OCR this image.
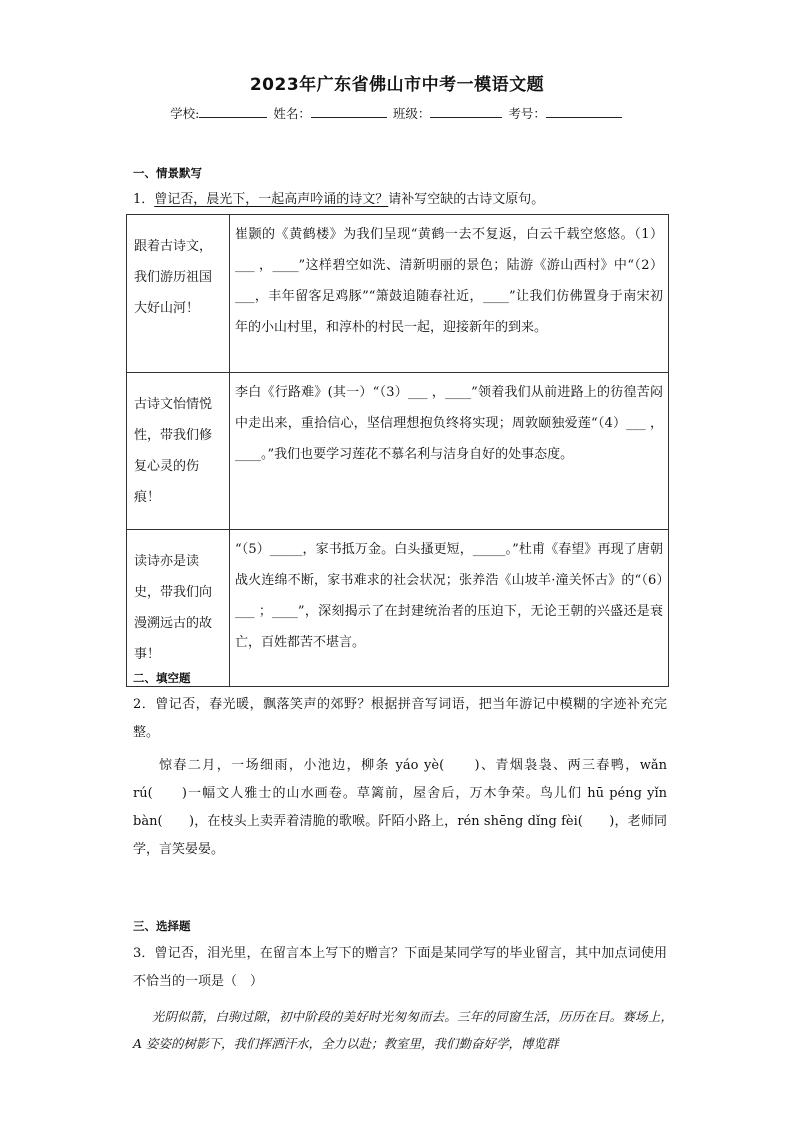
2023年广东省佛山市中考一模语文题
学校:	姓名：	班级：	考号：
一、情景默写
1．曾记否，晨光下，一起高声吟诵的诗文？请补写空缺的古诗文原句。
跟着古诗文，我们游历祖国大好山河！	崔颢的《黄鹤楼》为我们呈现“黄鹤一去不复返，白云千载空悠悠。（1）___ ，____”这样碧空如洗、清新明丽的景色；陆游《游山西村》中“（2）___，丰年留客足鸡豚”“箫鼓追随春社近，____”让我们仿佛置身于南宋初年的小山村里，和淳朴的村民一起，迎接新年的到来。
古诗文怡情悦性，带我们修复心灵的伤痕！	李白《行路难》(其一）“（3）___ ，____”领着我们从前进路上的彷徨苦闷中走出来，重拾信心，坚信理想抱负终将实现；周敦颐独爱莲“（4）___ ，____。”我们也要学习莲花不慕名利与洁身自好的处事态度。
读诗亦是读史，带我们向漫溯远古的故事！	“（5）_____，家书抵万金。白头搔更短，_____。”杜甫《春望》再现了唐朝战火连绵不断，家书难求的社会状况；张养浩《山坡羊·潼关怀古》的“（6）___ ；____”，深刻揭示了在封建统治者的压迫下，无论王朝的兴盛还是衰亡，百姓都苦不堪言。
二、填空题
2．曾记否，春光暖，飘落笑声的郊野？根据拼音写词语，把当年游记中模糊的字迹补充完整。
惊春二月，一场细雨，小池边，柳条 yáo yè(　　)、青烟袅袅、两三春鸭，wǎn rú(　　)一幅文人雅士的山水画卷。草篱前，屋舍后，万木争荣。鸟儿们 hū péng yǐn bàn(　　)，在枝头上卖弄着清脆的歌喉。阡陌小路上，rén shēng dǐng fèi(　　)，老师同学，言笑晏晏。
三、选择题
3．曾记否，泪光里，在留言本上写下的赠言？下面是某同学写的毕业留言，其中加点词使用不恰当的一项是（　）
光阴似箭，白驹过隙，初中阶段的美好时光匆匆而去。三年的同窗生活，历历在目。赛场上，A 姿姿的树影下，我们挥洒汗水，全力以赴；教室里，我们勤奋好学，博览群
